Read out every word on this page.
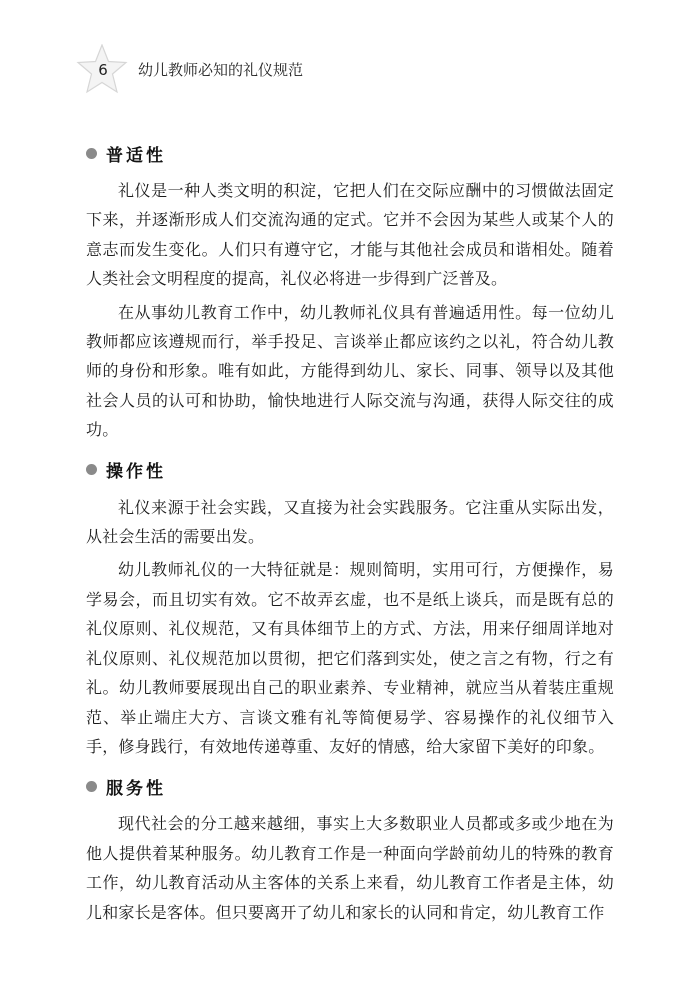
6 幼儿教师必知的礼仪规范
普适性

礼仪是一种人类文明的积淀，它把人们在交际应酬中的习惯做法固定下来，并逐渐形成人们交流沟通的定式。它并不会因为某些人或某个人的意志而发生变化。人们只有遵守它，才能与其他社会成员和谐相处。随着人类社会文明程度的提高，礼仪必将进一步得到广泛普及。

在从事幼儿教育工作中，幼儿教师礼仪具有普遍适用性。每一位幼儿教师都应该遵规而行，举手投足、言谈举止都应该约之以礼，符合幼儿教师的身份和形象。唯有如此，方能得到幼儿、家长、同事、领导以及其他社会人员的认可和协助，愉快地进行人际交流与沟通，获得人际交往的成功。

操作性

礼仪来源于社会实践，又直接为社会实践服务。它注重从实际出发，从社会生活的需要出发。

幼儿教师礼仪的一大特征就是：规则简明，实用可行，方便操作，易学易会，而且切实有效。它不故弄玄虚，也不是纸上谈兵，而是既有总的礼仪原则、礼仪规范，又有具体细节上的方式、方法，用来仔细周详地对礼仪原则、礼仪规范加以贯彻，把它们落到实处，使之言之有物，行之有礼。幼儿教师要展现出自己的职业素养、专业精神，就应当从着装庄重规范、举止端庄大方、言谈文雅有礼等简便易学、容易操作的礼仪细节入手，修身践行，有效地传递尊重、友好的情感，给大家留下美好的印象。

服务性

现代社会的分工越来越细，事实上大多数职业人员都或多或少地在为他人提供着某种服务。幼儿教育工作是一种面向学龄前幼儿的特殊的教育工作，幼儿教育活动从主客体的关系上来看，幼儿教育工作者是主体，幼儿和家长是客体。但只要离开了幼儿和家长的认同和肯定，幼儿教育工作
